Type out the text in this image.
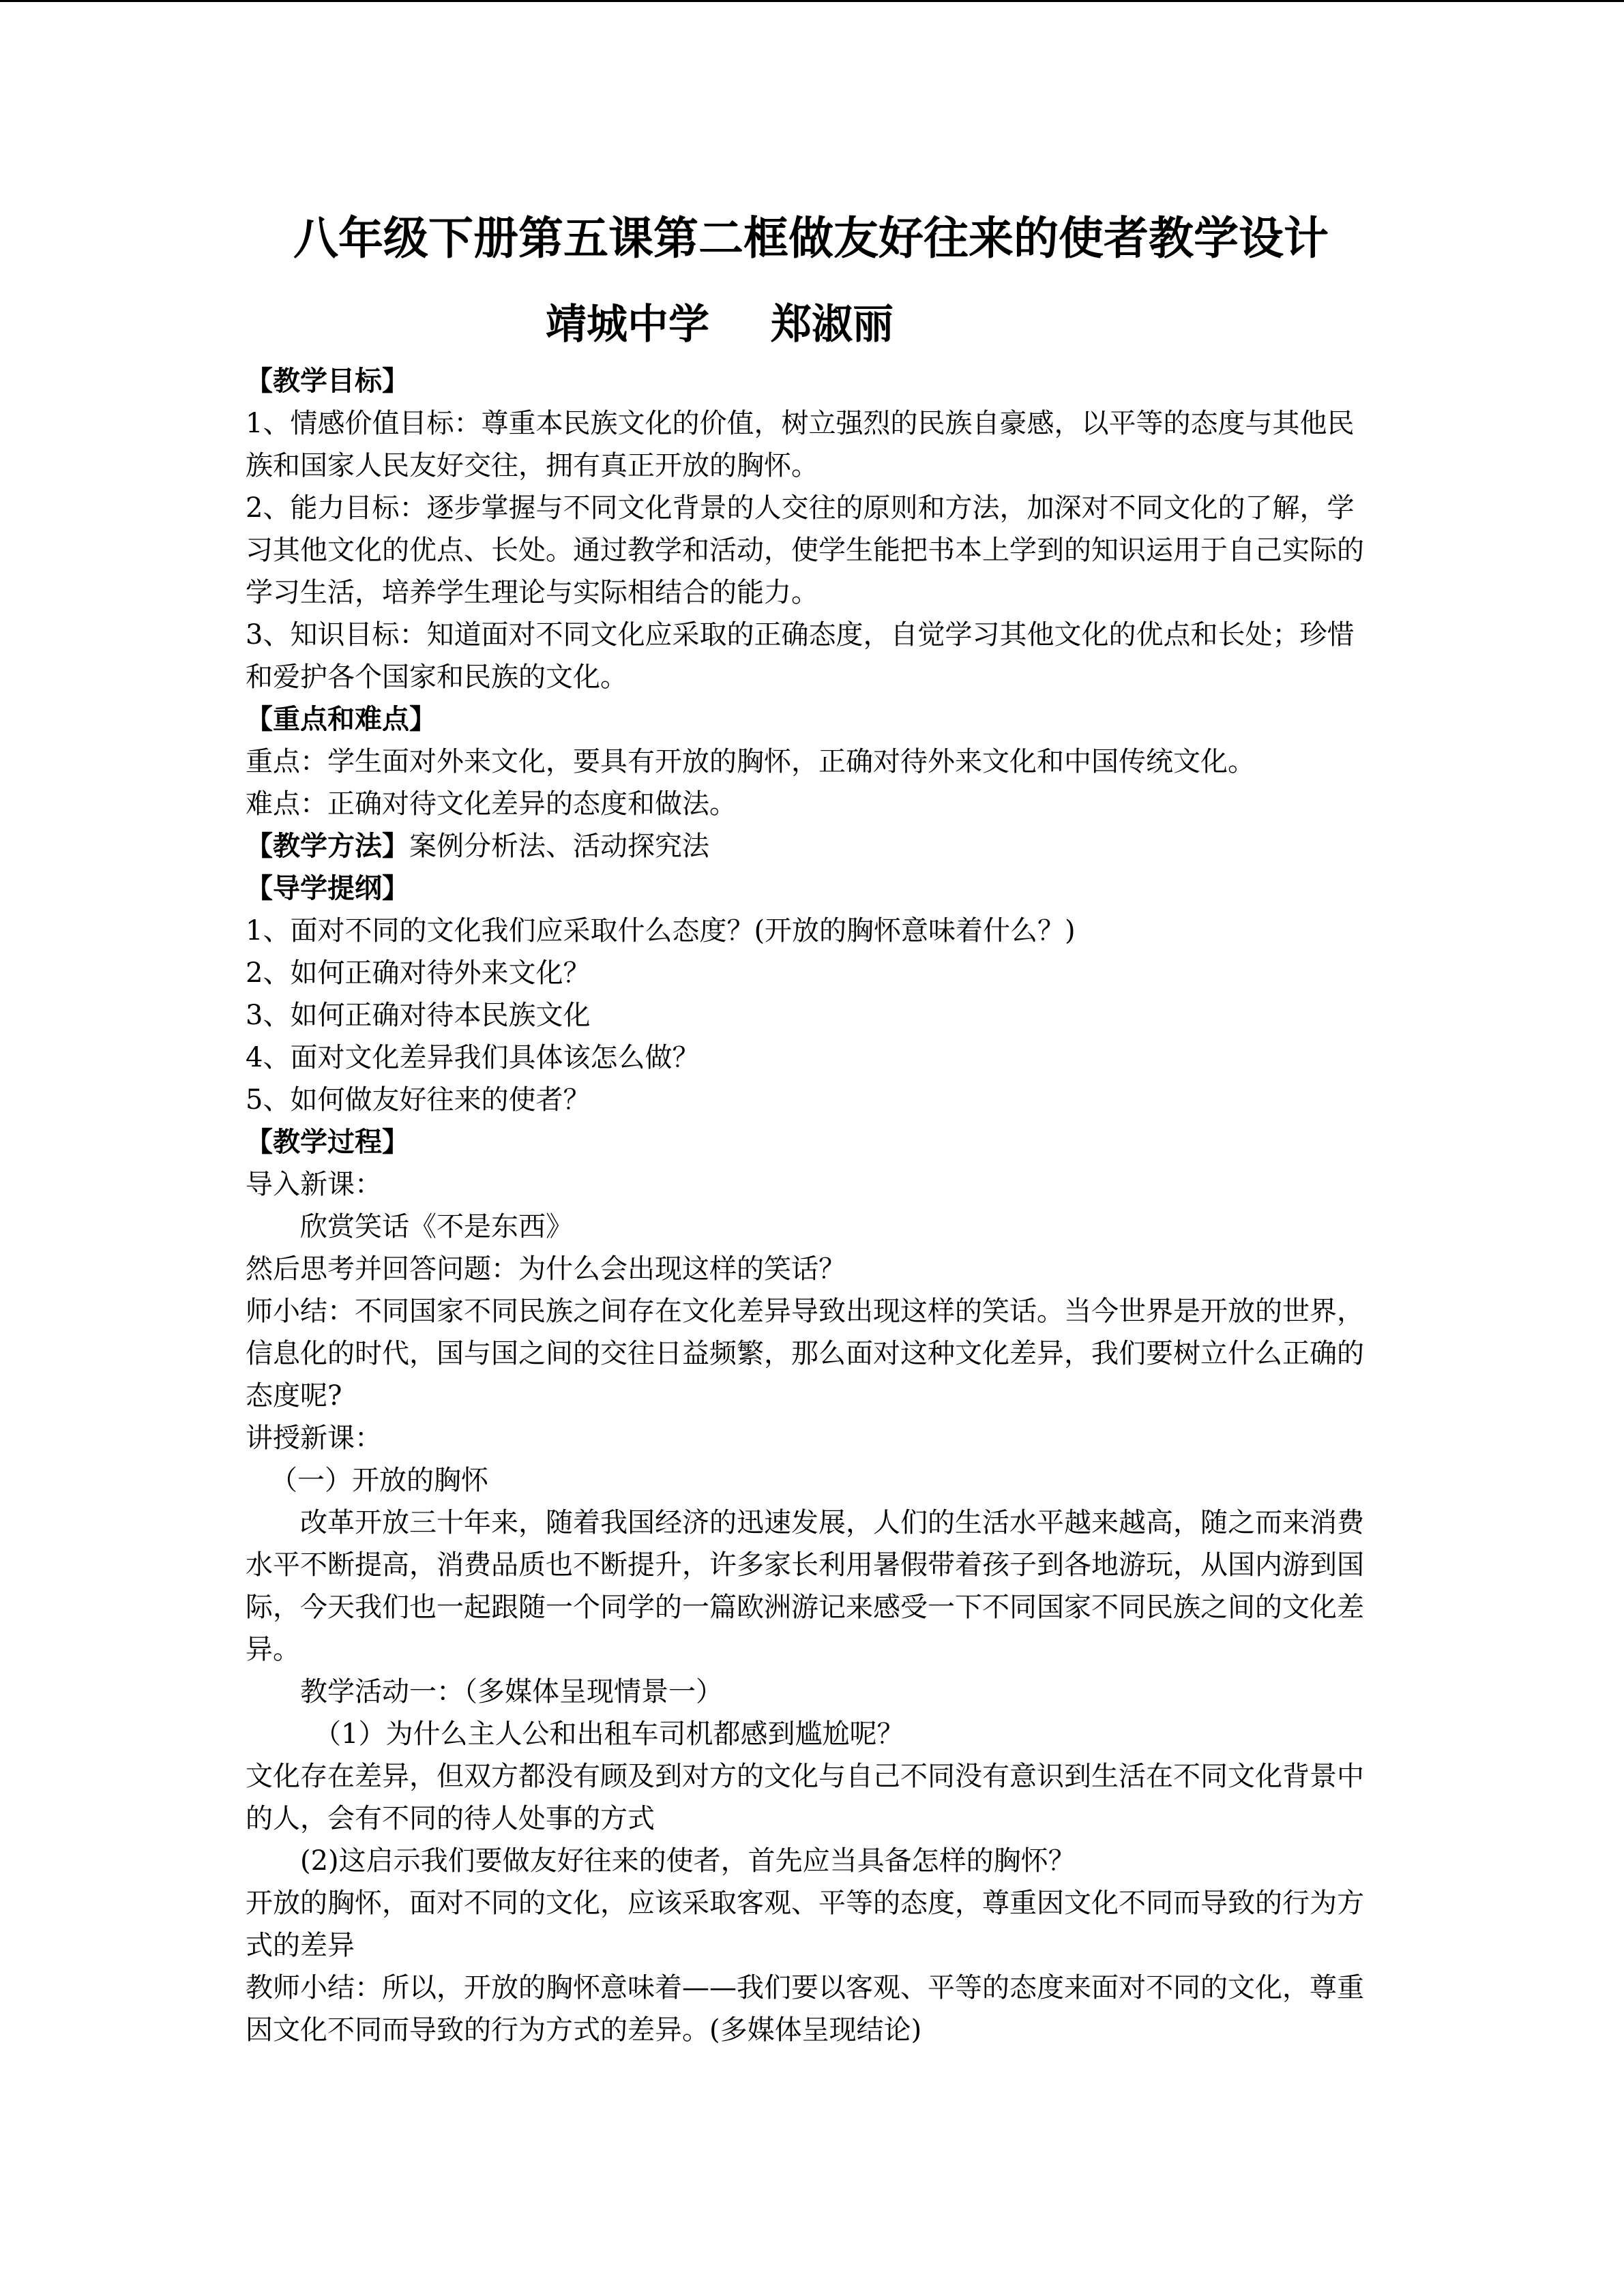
八年级下册第五课第二框做友好往来的使者教学设计
靖城中学 郑淑丽

【教学目标】

1、情感价值目标：尊重本民族文化的价值，树立强烈的民族自豪感，以平等的态度与其他民族和国家人民友好交往，拥有真正开放的胸怀。

2、能力目标：逐步掌握与不同文化背景的人交往的原则和方法，加深对不同文化的了解，学习其他文化的优点、长处。通过教学和活动，使学生能把书本上学到的知识运用于自己实际的学习生活，培养学生理论与实际相结合的能力。

3、知识目标：知道面对不同文化应采取的正确态度，自觉学习其他文化的优点和长处；珍惜和爱护各个国家和民族的文化。

【重点和难点】

重点：学生面对外来文化，要具有开放的胸怀，正确对待外来文化和中国传统文化。

难点：正确对待文化差异的态度和做法。

【教学方法】案例分析法、活动探究法

【导学提纲】

1、面对不同的文化我们应采取什么态度？(开放的胸怀意味着什么？)

2、如何正确对待外来文化？

3、如何正确对待本民族文化

4、面对文化差异我们具体该怎么做？

5、如何做友好往来的使者？

【教学过程】

导入新课：

欣赏笑话《不是东西》

然后思考并回答问题：为什么会出现这样的笑话？

师小结：不同国家不同民族之间存在文化差异导致出现这样的笑话。当今世界是开放的世界，信息化的时代，国与国之间的交往日益频繁，那么面对这种文化差异，我们要树立什么正确的态度呢?

讲授新课：

（一）开放的胸怀

改革开放三十年来，随着我国经济的迅速发展，人们的生活水平越来越高，随之而来消费水平不断提高，消费品质也不断提升，许多家长利用暑假带着孩子到各地游玩，从国内游到国际，今天我们也一起跟随一个同学的一篇欧洲游记来感受一下不同国家不同民族之间的文化差异。

教学活动一：（多媒体呈现情景一）

（1）为什么主人公和出租车司机都感到尴尬呢？

文化存在差异，但双方都没有顾及到对方的文化与自己不同没有意识到生活在不同文化背景中的人，会有不同的待人处事的方式

(2)这启示我们要做友好往来的使者，首先应当具备怎样的胸怀？

开放的胸怀，面对不同的文化，应该采取客观、平等的态度，尊重因文化不同而导致的行为方式的差异

教师小结：所以，开放的胸怀意味着——我们要以客观、平等的态度来面对不同的文化，尊重因文化不同而导致的行为方式的差异。(多媒体呈现结论)
